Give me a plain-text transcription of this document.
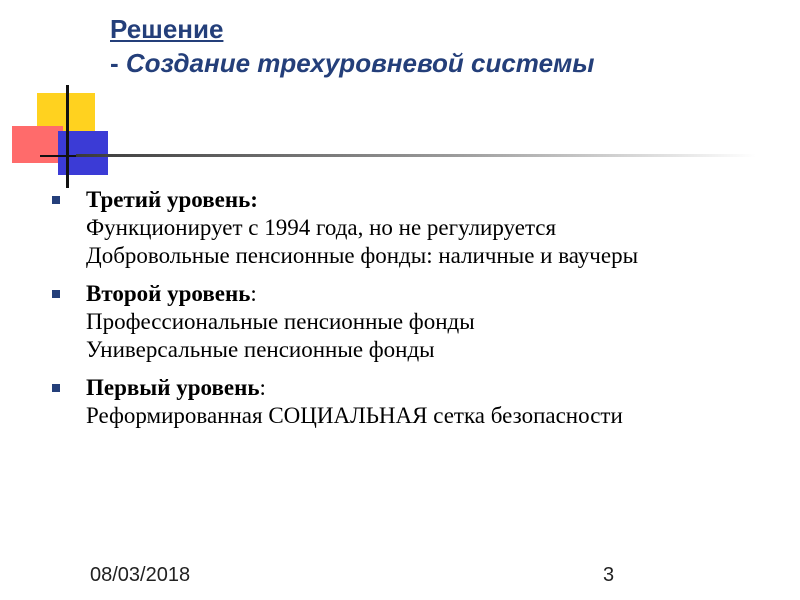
Решение
- Создание трехуровневой системы
Третий уровень:
Функционирует с 1994 года, но не регулируется
Добровольные пенсионные фонды: наличные и ваучеры
Второй уровень:
Профессиональные пенсионные фонды
Универсальные пенсионные фонды
Первый уровень:
Реформированная СОЦИАЛЬНАЯ сетка безопасности
08/03/2018	3
